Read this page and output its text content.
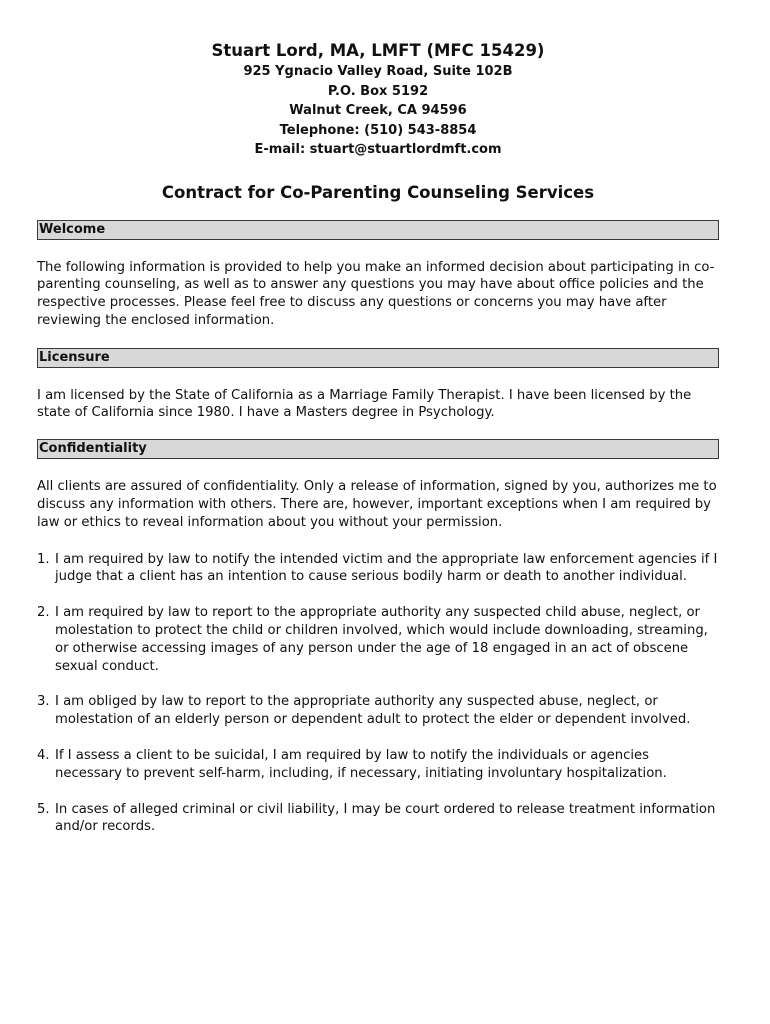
Stuart Lord, MA, LMFT (MFC 15429)
925 Ygnacio Valley Road, Suite 102B
P.O. Box 5192
Walnut Creek, CA 94596
Telephone: (510) 543-8854
E-mail: stuart@stuartlordmft.com
Contract for Co-Parenting Counseling Services
Welcome

The following information is provided to help you make an informed decision about participating in co-parenting counseling, as well as to answer any questions you may have about office policies and the respective processes. Please feel free to discuss any questions or concerns you may have after reviewing the enclosed information.

Licensure

I am licensed by the State of California as a Marriage Family Therapist. I have been licensed by the state of California since 1980. I have a Masters degree in Psychology.

Confidentiality

All clients are assured of confidentiality. Only a release of information, signed by you, authorizes me to discuss any information with others. There are, however, important exceptions when I am required by law or ethics to reveal information about you without your permission.

1. I am required by law to notify the intended victim and the appropriate law enforcement agencies if I judge that a client has an intention to cause serious bodily harm or death to another individual.
2. I am required by law to report to the appropriate authority any suspected child abuse, neglect, or molestation to protect the child or children involved, which would include downloading, streaming, or otherwise accessing images of any person under the age of 18 engaged in an act of obscene sexual conduct.
3. I am obliged by law to report to the appropriate authority any suspected abuse, neglect, or molestation of an elderly person or dependent adult to protect the elder or dependent involved.
4. If I assess a client to be suicidal, I am required by law to notify the individuals or agencies necessary to prevent self-harm, including, if necessary, initiating involuntary hospitalization.
5. In cases of alleged criminal or civil liability, I may be court ordered to release treatment information and/or records.
